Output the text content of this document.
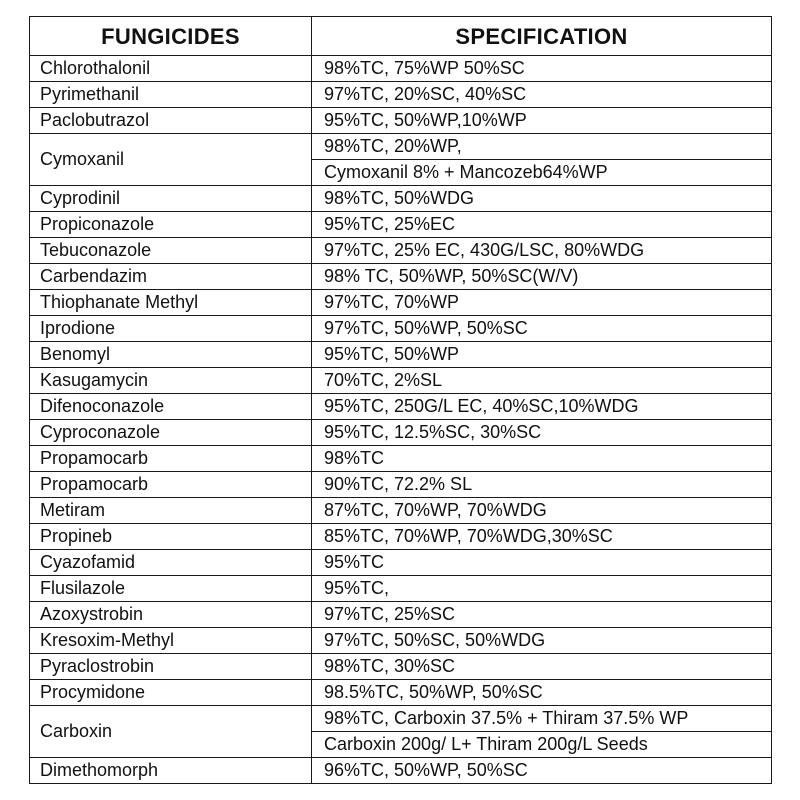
FUNGICIDES	SPECIFICATION
Chlorothalonil	98%TC, 75%WP 50%SC
Pyrimethanil	97%TC, 20%SC, 40%SC
Paclobutrazol	95%TC, 50%WP,10%WP
Cymoxanil	98%TC, 20%WP,
	Cymoxanil 8% + Mancozeb64%WP
Cyprodinil	98%TC, 50%WDG
Propiconazole	95%TC, 25%EC
Tebuconazole	97%TC, 25% EC, 430G/LSC, 80%WDG
Carbendazim	98% TC, 50%WP, 50%SC(W/V)
Thiophanate Methyl	97%TC, 70%WP
Iprodione	97%TC, 50%WP, 50%SC
Benomyl	95%TC, 50%WP
Kasugamycin	70%TC, 2%SL
Difenoconazole	95%TC, 250G/L EC, 40%SC,10%WDG
Cyproconazole	95%TC, 12.5%SC, 30%SC
Propamocarb	98%TC
Propamocarb	90%TC, 72.2% SL
Metiram	87%TC, 70%WP, 70%WDG
Propineb	85%TC, 70%WP, 70%WDG,30%SC
Cyazofamid	95%TC
Flusilazole	95%TC,
Azoxystrobin	97%TC, 25%SC
Kresoxim-Methyl	97%TC, 50%SC, 50%WDG
Pyraclostrobin	98%TC, 30%SC
Procymidone	98.5%TC, 50%WP, 50%SC
Carboxin	98%TC, Carboxin 37.5% + Thiram 37.5% WP
	Carboxin 200g/ L+ Thiram 200g/L Seeds
Dimethomorph	96%TC, 50%WP, 50%SC
